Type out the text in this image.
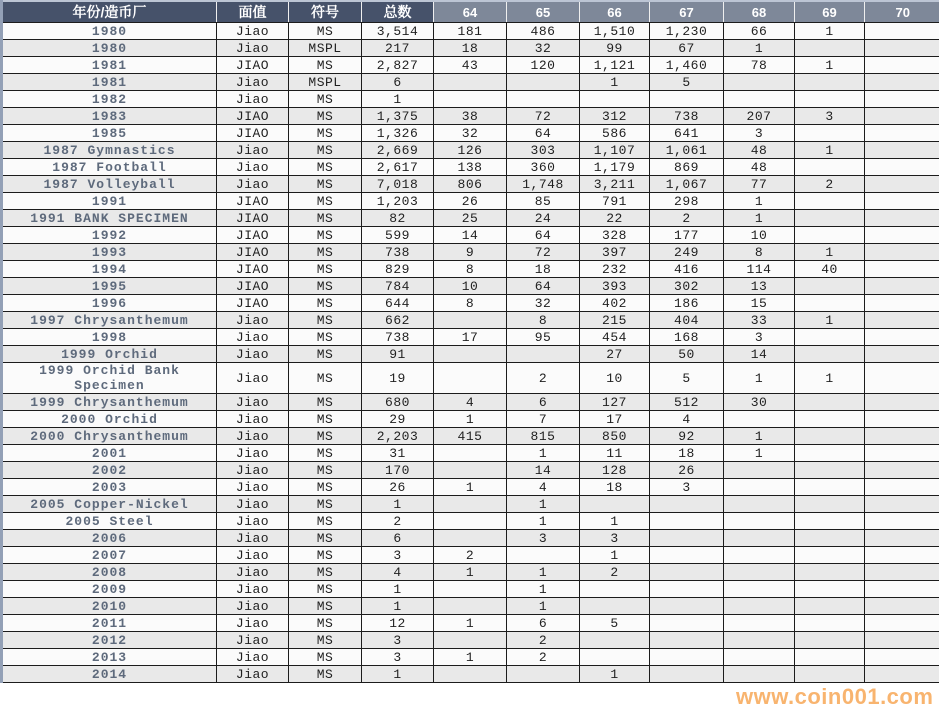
年份/造币厂	面值	符号	总数	64	65	66	67	68	69	70
1980	Jiao	MS	3,514	181	486	1,510	1,230	66	1	
1980	Jiao	MSPL	217	18	32	99	67	1		
1981	JIAO	MS	2,827	43	120	1,121	1,460	78	1	
1981	Jiao	MSPL	6			1	5			
1982	Jiao	MS	1							
1983	JIAO	MS	1,375	38	72	312	738	207	3	
1985	JIAO	MS	1,326	32	64	586	641	3		
1987 Gymnastics	Jiao	MS	2,669	126	303	1,107	1,061	48	1	
1987 Football	Jiao	MS	2,617	138	360	1,179	869	48		
1987 Volleyball	Jiao	MS	7,018	806	1,748	3,211	1,067	77	2	
1991	JIAO	MS	1,203	26	85	791	298	1		
1991 BANK SPECIMEN	JIAO	MS	82	25	24	22	2	1		
1992	JIAO	MS	599	14	64	328	177	10		
1993	JIAO	MS	738	9	72	397	249	8	1	
1994	JIAO	MS	829	8	18	232	416	114	40	
1995	JIAO	MS	784	10	64	393	302	13		
1996	JIAO	MS	644	8	32	402	186	15		
1997 Chrysanthemum	Jiao	MS	662		8	215	404	33	1	
1998	Jiao	MS	738	17	95	454	168	3		
1999 Orchid	Jiao	MS	91			27	50	14		
1999 Orchid Bank Specimen	Jiao	MS	19		2	10	5	1	1	
1999 Chrysanthemum	Jiao	MS	680	4	6	127	512	30		
2000 Orchid	Jiao	MS	29	1	7	17	4			
2000 Chrysanthemum	Jiao	MS	2,203	415	815	850	92	1		
2001	Jiao	MS	31		1	11	18	1		
2002	Jiao	MS	170		14	128	26			
2003	Jiao	MS	26	1	4	18	3			
2005 Copper-Nickel	Jiao	MS	1		1					
2005 Steel	Jiao	MS	2		1	1				
2006	Jiao	MS	6		3	3				
2007	Jiao	MS	3	2		1				
2008	Jiao	MS	4	1	1	2				
2009	Jiao	MS	1		1					
2010	Jiao	MS	1		1					
2011	Jiao	MS	12	1	6	5				
2012	Jiao	MS	3		2					
2013	Jiao	MS	3	1	2					
2014	Jiao	MS	1			1				
www.coin001.com
